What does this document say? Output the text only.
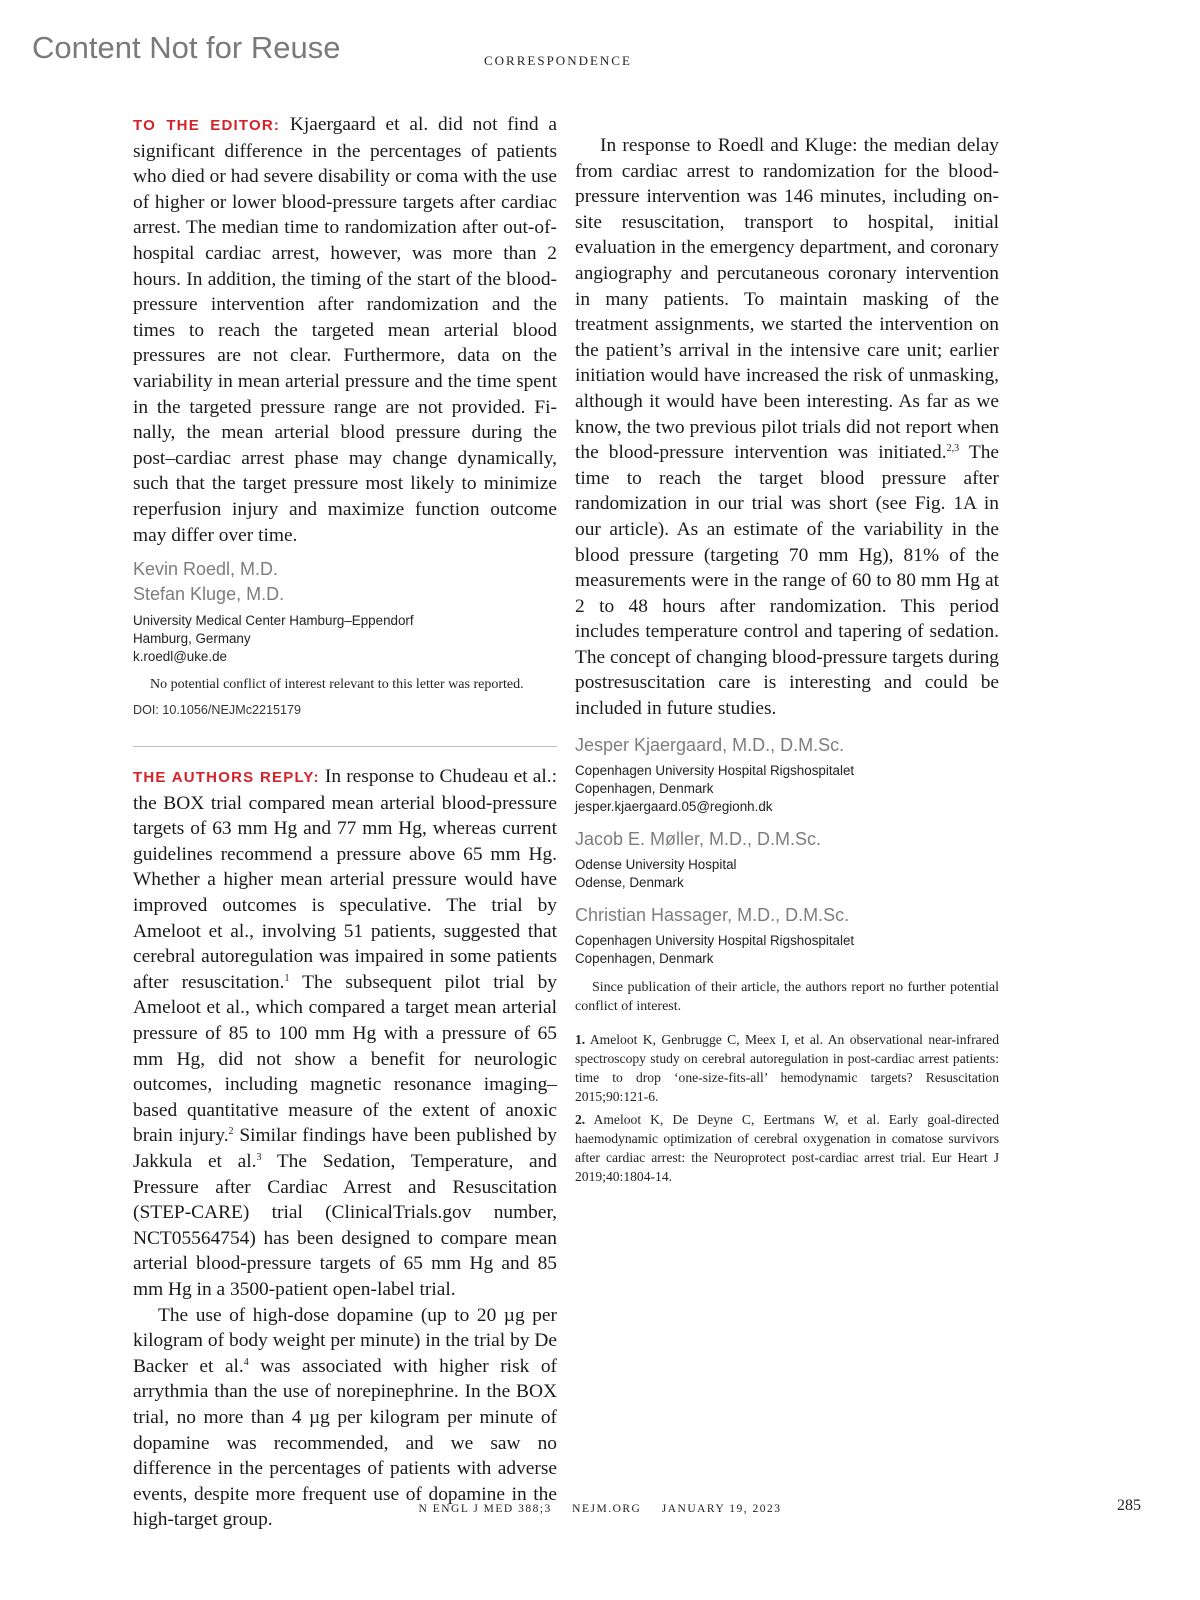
Content Not for Reuse	CORRESPONDENCE

TO THE EDITOR: Kjaergaard et al. did not find a significant difference in the percentages of patients who died or had severe disability or coma with the use of higher or lower blood-pressure targets after cardiac arrest. The median time to randomization after out-of-hospital cardiac arrest, however, was more than 2 hours. In addition, the timing of the start of the blood-pressure intervention after randomization and the times to reach the targeted mean arterial blood pressures are not clear. Furthermore, data on the variability in mean arterial pressure and the time spent in the targeted pressure range are not provided. Finally, the mean arterial blood pressure during the post–cardiac arrest phase may change dynamically, such that the target pressure most likely to minimize reperfusion injury and maximize function outcome may differ over time.

Kevin Roedl, M.D.
Stefan Kluge, M.D.
University Medical Center Hamburg–Eppendorf
Hamburg, Germany
k.roedl@uke.de

No potential conflict of interest relevant to this letter was reported.

DOI: 10.1056/NEJMc2215179

THE AUTHORS REPLY: In response to Chudeau et al.: the BOX trial compared mean arterial blood-pressure targets of 63 mm Hg and 77 mm Hg, whereas current guidelines recommend a pressure above 65 mm Hg. Whether a higher mean arterial pressure would have improved outcomes is speculative. The trial by Ameloot et al., involving 51 patients, suggested that cerebral autoregulation was impaired in some patients after resuscitation.$^1$ The subsequent pilot trial by Ameloot et al., which compared a target mean arterial pressure of 85 to 100 mm Hg with a pressure of 65 mm Hg, did not show a benefit for neurologic outcomes, including magnetic resonance imaging–based quantitative measure of the extent of anoxic brain injury.$^2$ Similar findings have been published by Jakkula et al.$^3$ The Sedation, Temperature, and Pressure after Cardiac Arrest and Resuscitation (STEP-CARE) trial (ClinicalTrials.gov number, NCT05564754) has been designed to compare mean arterial blood-pressure targets of 65 mm Hg and 85 mm Hg in a 3500-patient open-label trial.

The use of high-dose dopamine (up to 20 µg per kilogram of body weight per minute) in the trial by De Backer et al.$^4$ was associated with higher risk of arrythmia than the use of norepinephrine. In the BOX trial, no more than 4 µg per kilogram per minute of dopamine was recommended, and we saw no difference in the percentages of patients with adverse events, despite more frequent use of dopamine in the high-target group.

In response to Roedl and Kluge: the median delay from cardiac arrest to randomization for the blood-pressure intervention was 146 minutes, including on-site resuscitation, transport to hospital, initial evaluation in the emergency department, and coronary angiography and percutaneous coronary intervention in many patients. To maintain masking of the treatment assignments, we started the intervention on the patient’s arrival in the intensive care unit; earlier initiation would have increased the risk of unmasking, although it would have been interesting. As far as we know, the two previous pilot trials did not report when the blood-pressure intervention was initiated.$^{2,3}$ The time to reach the target blood pressure after randomization in our trial was short (see Fig. 1A in our article). As an estimate of the variability in the blood pressure (targeting 70 mm Hg), 81% of the measurements were in the range of 60 to 80 mm Hg at 2 to 48 hours after randomization. This period includes temperature control and tapering of sedation. The concept of changing blood-pressure targets during postresuscitation care is interesting and could be included in future studies.

Jesper Kjaergaard, M.D., D.M.Sc.
Copenhagen University Hospital Rigshospitalet
Copenhagen, Denmark
jesper.kjaergaard.05@regionh.dk
Jacob E. Møller, M.D., D.M.Sc.
Odense University Hospital
Odense, Denmark
Christian Hassager, M.D., D.M.Sc.
Copenhagen University Hospital Rigshospitalet
Copenhagen, Denmark

Since publication of their article, the authors report no further potential conflict of interest.

1. Ameloot K, Genbrugge C, Meex I, et al. An observational near-infrared spectroscopy study on cerebral autoregulation in post-cardiac arrest patients: time to drop ‘one-size-fits-all’ hemodynamic targets? Resuscitation 2015;90:121-6.
2. Ameloot K, De Deyne C, Eertmans W, et al. Early goal-directed haemodynamic optimization of cerebral oxygenation in comatose survivors after cardiac arrest: the Neuroprotect post-cardiac arrest trial. Eur Heart J 2019;40:1804-14.
N ENGL J MED 388;3 NEJM.ORG JANUARY 19, 2023	285
